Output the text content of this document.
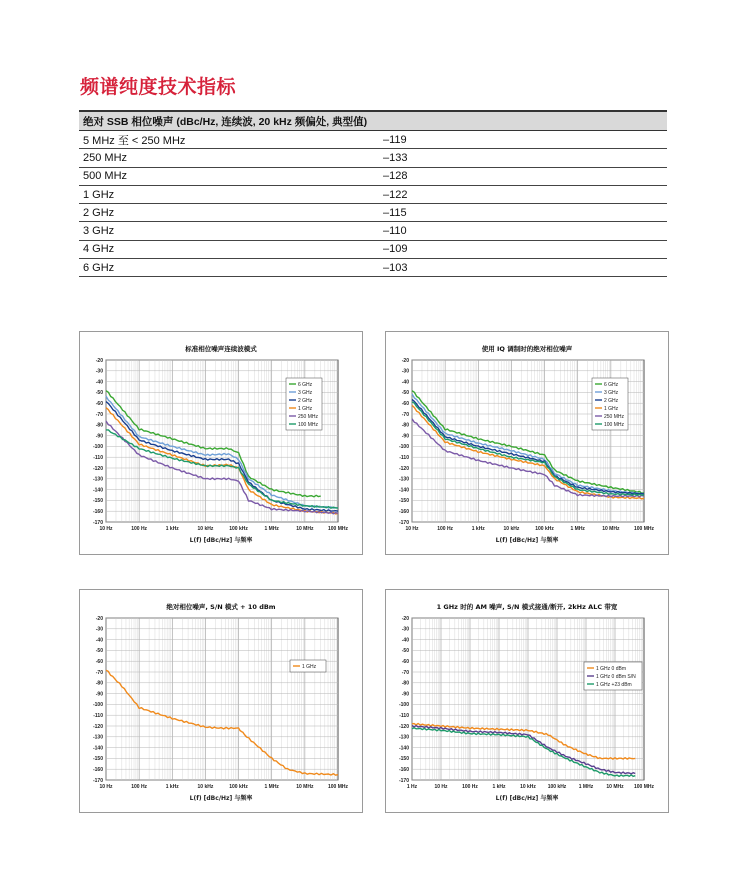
频谱纯度技术指标
绝对 SSB 相位噪声 (dBc/Hz, 连续波, 20 kHz 频偏处, 典型值)	
5 MHz 至 < 250 MHz	–119
250 MHz	–133
500 MHz	–128
1 GHz	–122
2 GHz	–115
3 GHz	–110
4 GHz	–109
6 GHz	–103
标准相位噪声连续波模式
-20
-30
-40
-50
-60
-70
-80
-90
-100
-110
-120
-130
-140
-150
-160
-170
10 Hz	100 Hz	1 kHz	10 kHz	100 kHz	1 MHz	10 MHz	100 MHz
L(f) [dBc/Hz] 与频率
6 GHz
3 GHz
2 GHz
1 GHz
250 MHz
100 MHz
使用 IQ 调制时的绝对相位噪声
-20
-30
-40
-50
-60
-70
-80
-90
-100
-110
-120
-130
-140
-150
-160
-170
10 Hz	100 Hz	1 kHz	10 kHz	100 kHz	1 MHz	10 MHz	100 MHz
L(f) [dBc/Hz] 与频率
6 GHz
3 GHz
2 GHz
1 GHz
250 MHz
100 MHz
绝对相位噪声, S/N 模式 + 10 dBm
-20
-30
-40
-50
-60
-70
-80
-90
-100
-110
-120
-130
-140
-150
-160
-170
10 Hz	100 Hz	1 kHz	10 kHz	100 kHz	1 MHz	10 MHz	100 MHz
L(f) [dBc/Hz] 与频率
1 GHz
1 GHz 时的 AM 噪声, S/N 模式接通/断开, 2kHz ALC 带宽
-20
-30
-40
-50
-60
-70
-80
-90
-100
-110
-120
-130
-140
-150
-160
-170
1 Hz	10 Hz	100 Hz	1 kHz	10 kHz 100 kHz 1 MHz	10 MHz 100 MHz
L(f) [dBc/Hz] 与频率
1 GHz 0 dBm
1 GHz 0 dBm S/N
1 GHz +23 dBm
